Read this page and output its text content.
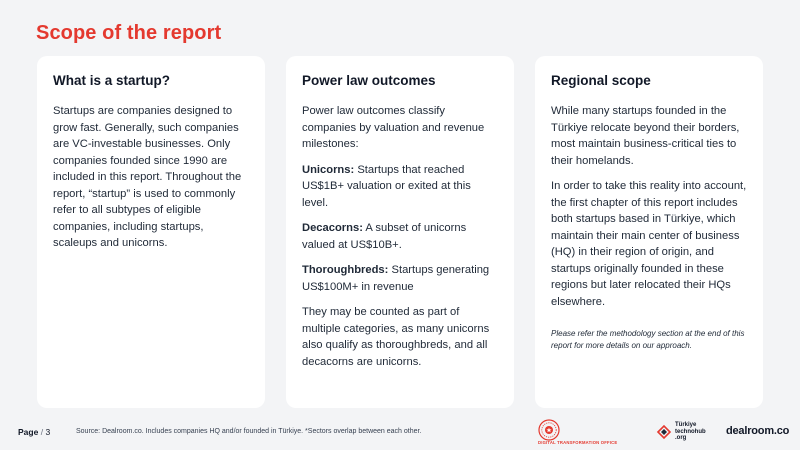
Scope of the report
What is a startup?

Startups are companies designed to grow fast. Generally, such companies are VC-investable businesses. Only companies founded since 1990 are included in this report. Throughout the report, “startup” is used to commonly refer to all subtypes of eligible companies, including startups, scaleups and unicorns.

Power law outcomes

Power law outcomes classify companies by valuation and revenue milestones:

Unicorns: Startups that reached US$1B+ valuation or exited at this level.

Decacorns: A subset of unicorns valued at US$10B+.

Thoroughbreds: Startups generating US$100M+ in revenue

They may be counted as part of multiple categories, as many unicorns also qualify as thoroughbreds, and all decacorns are unicorns.

Regional scope

While many startups founded in the Türkiye relocate beyond their borders, most maintain business-critical ties to their homelands.

In order to take this reality into account, the first chapter of this report includes both startups based in Türkiye, which maintain their main center of business (HQ) in their region of origin, and startups originally founded in these regions but later relocated their HQs elsewhere.

Please refer the methodology section at the end of this report for more details on our approach.

Page / 3	Source: Dealroom.co. Includes companies HQ and/or founded in Türkiye. *Sectors overlap between each other.
DIGITAL TRANSFORMATION OFFICE
Türkiye
technohub
.org
dealroom.co
